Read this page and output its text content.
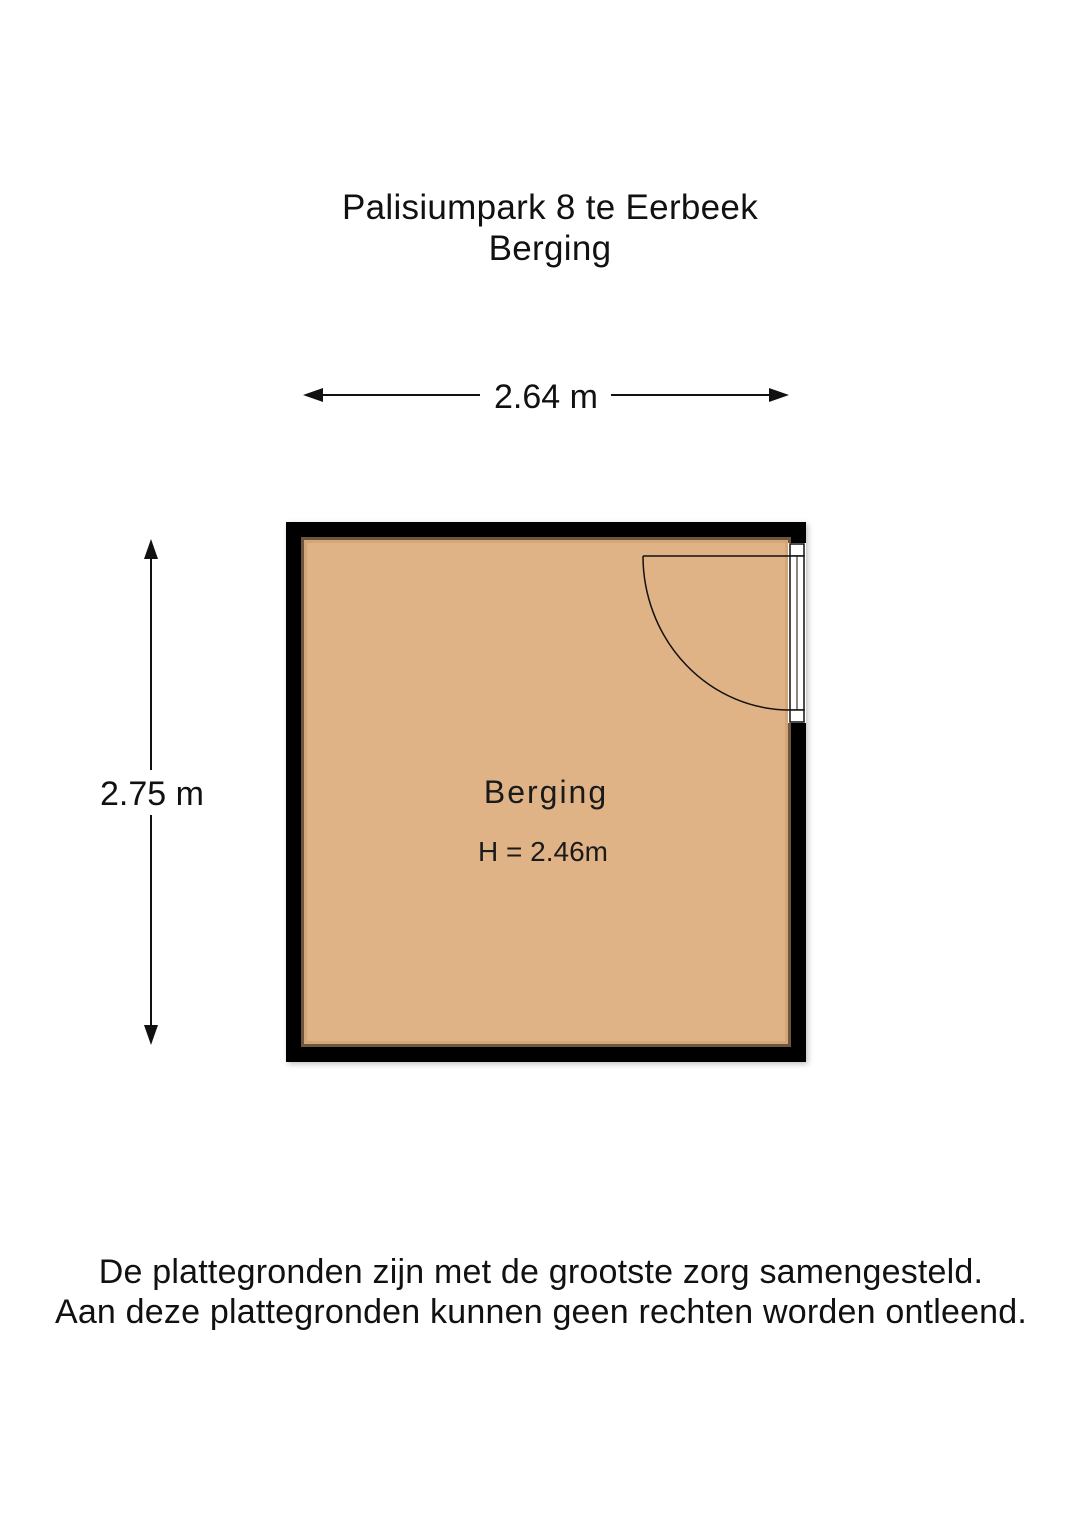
Palisiumpark 8 te Eerbeek
Berging
2.64 m
2.75 m	Berging
H = 2.46m
De plattegronden zijn met de grootste zorg samengesteld.
Aan deze plattegronden kunnen geen rechten worden ontleend.
